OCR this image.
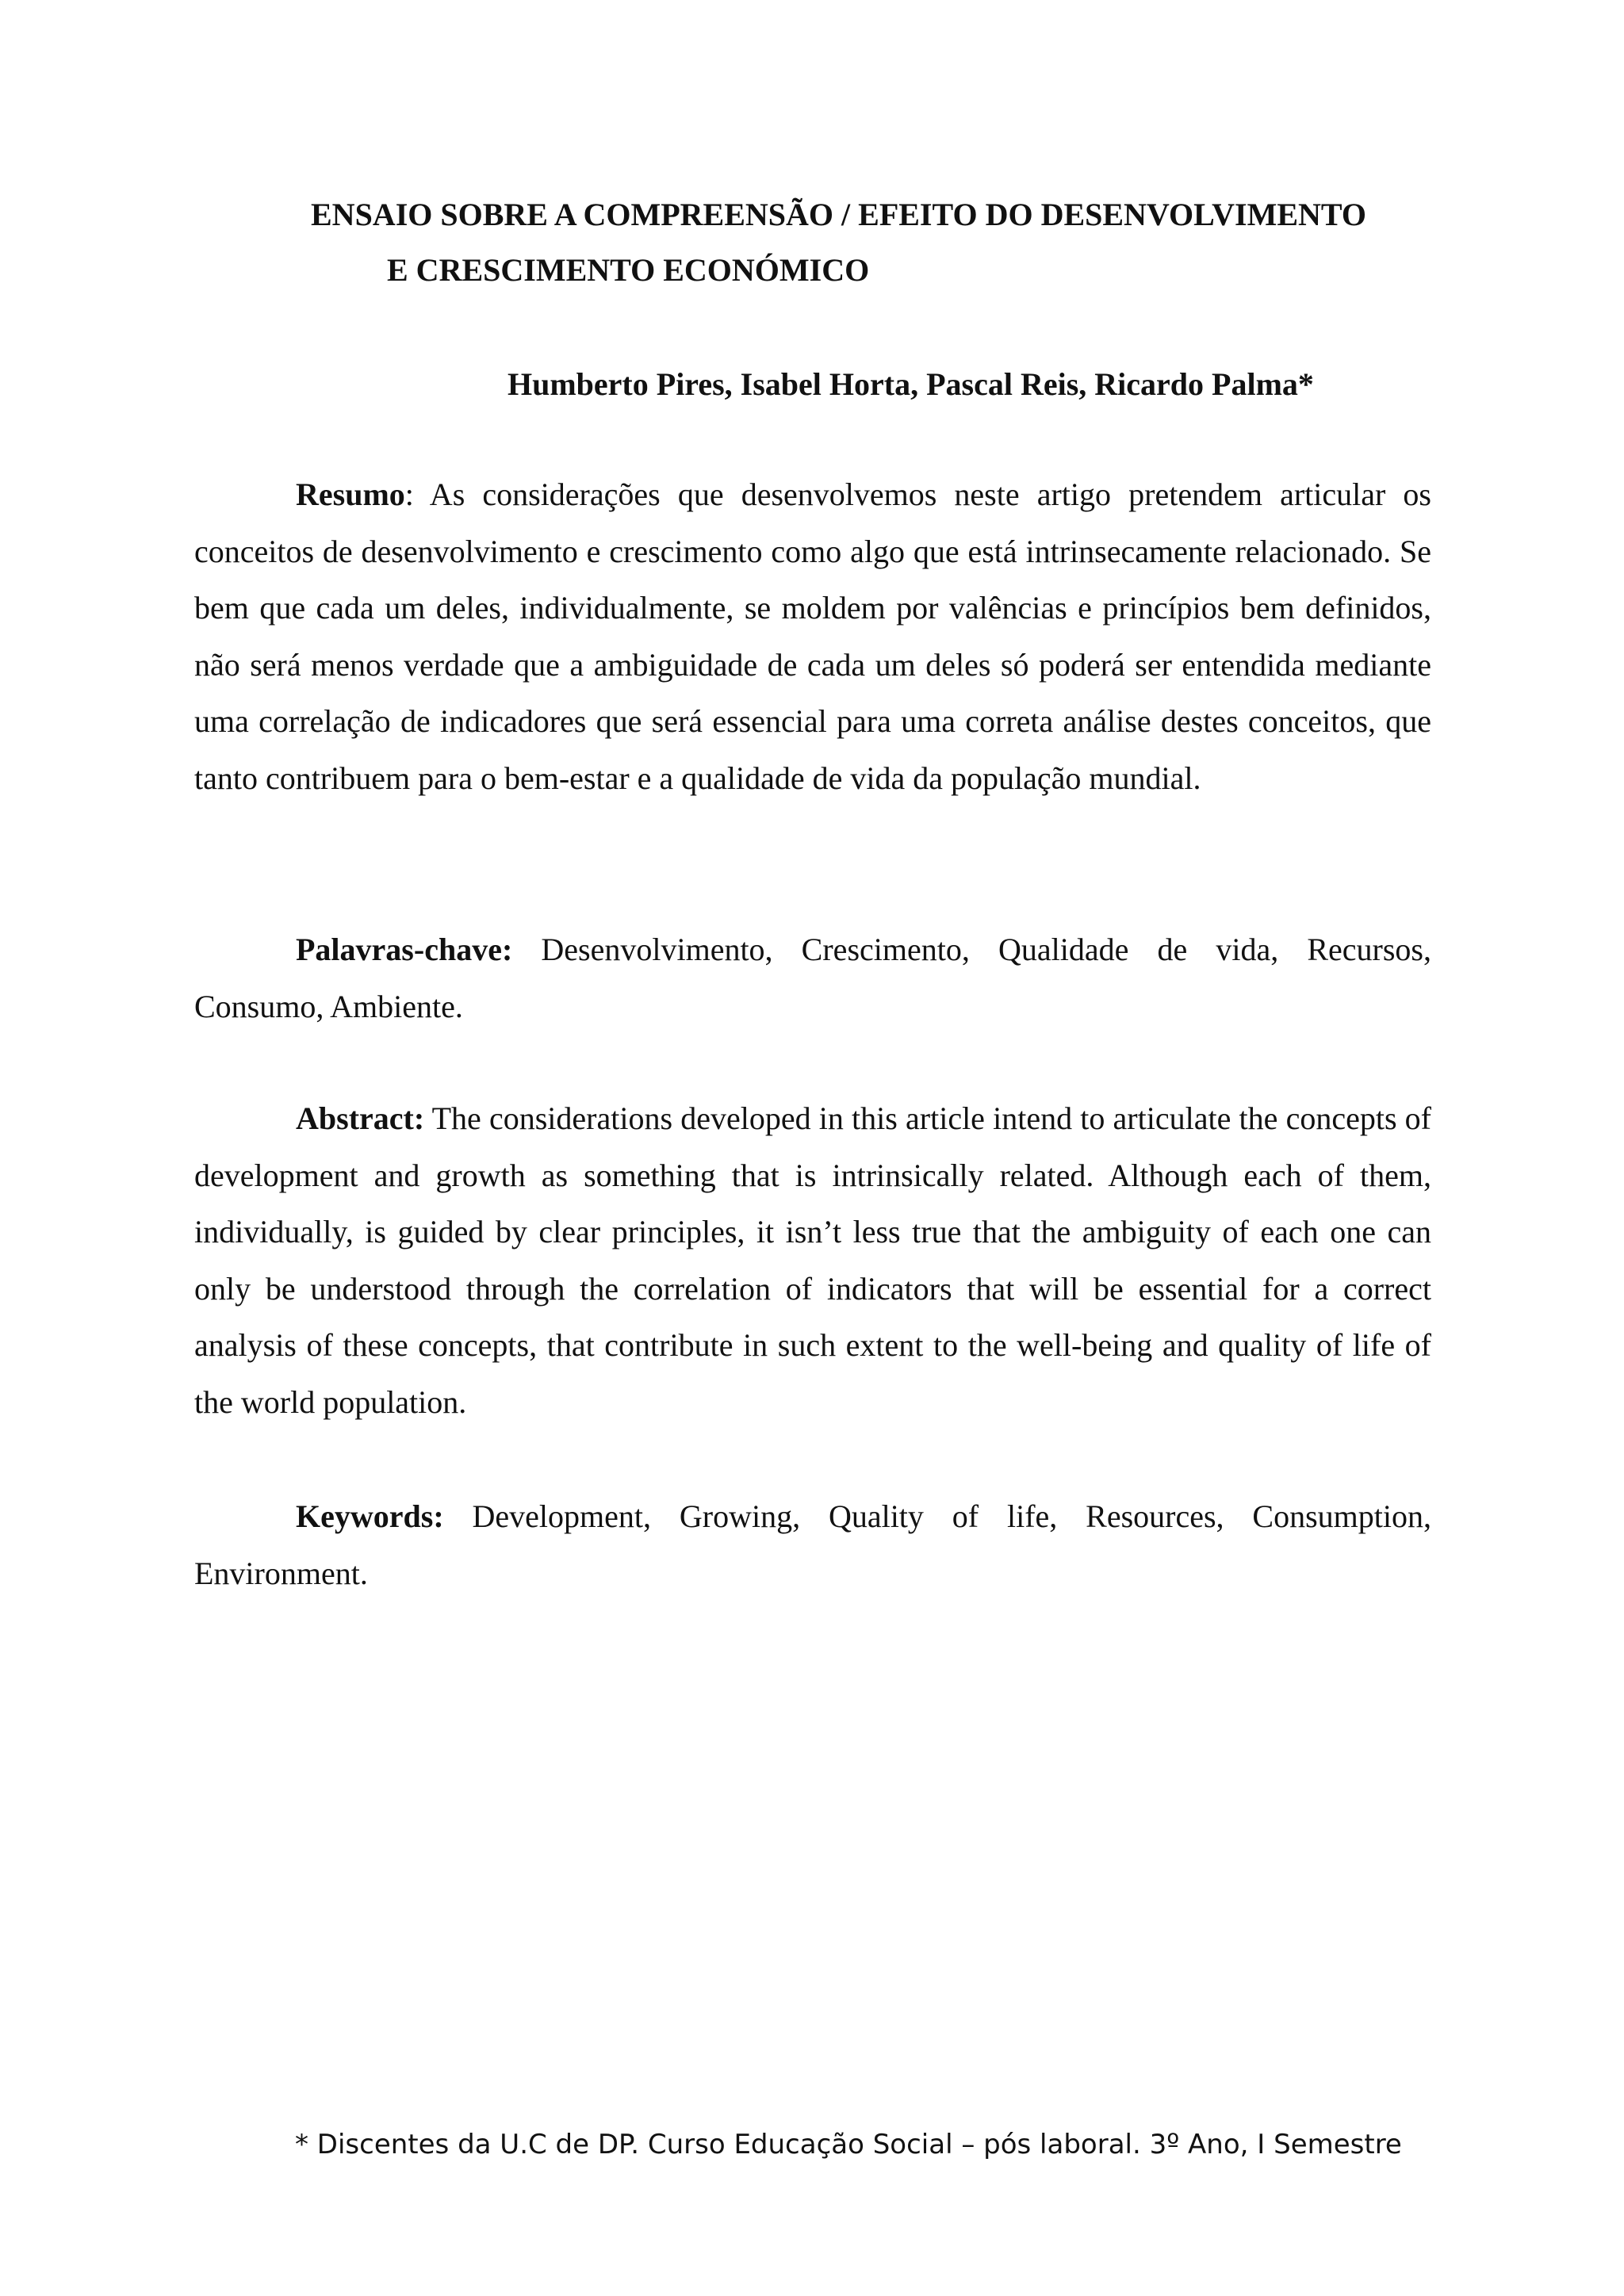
ENSAIO SOBRE A COMPREENSÃO / EFEITO DO DESENVOLVIMENTO
E CRESCIMENTO ECONÓMICO

Humberto Pires, Isabel Horta, Pascal Reis, Ricardo Palma*

Resumo: As considerações que desenvolvemos neste artigo pretendem articular os conceitos de desenvolvimento e crescimento como algo que está intrinsecamente relacionado. Se bem que cada um deles, individualmente, se moldem por valências e princípios bem definidos, não será menos verdade que a ambiguidade de cada um deles só poderá ser entendida mediante uma correlação de indicadores que será essencial para uma correta análise destes conceitos, que tanto contribuem para o bem-estar e a qualidade de vida da população mundial.

Palavras-chave: Desenvolvimento, Crescimento, Qualidade de vida, Recursos, Consumo, Ambiente.

Abstract: The considerations developed in this article intend to articulate the concepts of development and growth as something that is intrinsically related. Although each of them, individually, is guided by clear principles, it isn’t less true that the ambiguity of each one can only be understood through the correlation of indicators that will be essential for a correct analysis of these concepts, that contribute in such extent to the well-being and quality of life of the world population.

Keywords: Development, Growing, Quality of life, Resources, Consumption, Environment.

* Discentes da U.C de DP. Curso Educação Social – pós laboral. 3º Ano, I Semestre
